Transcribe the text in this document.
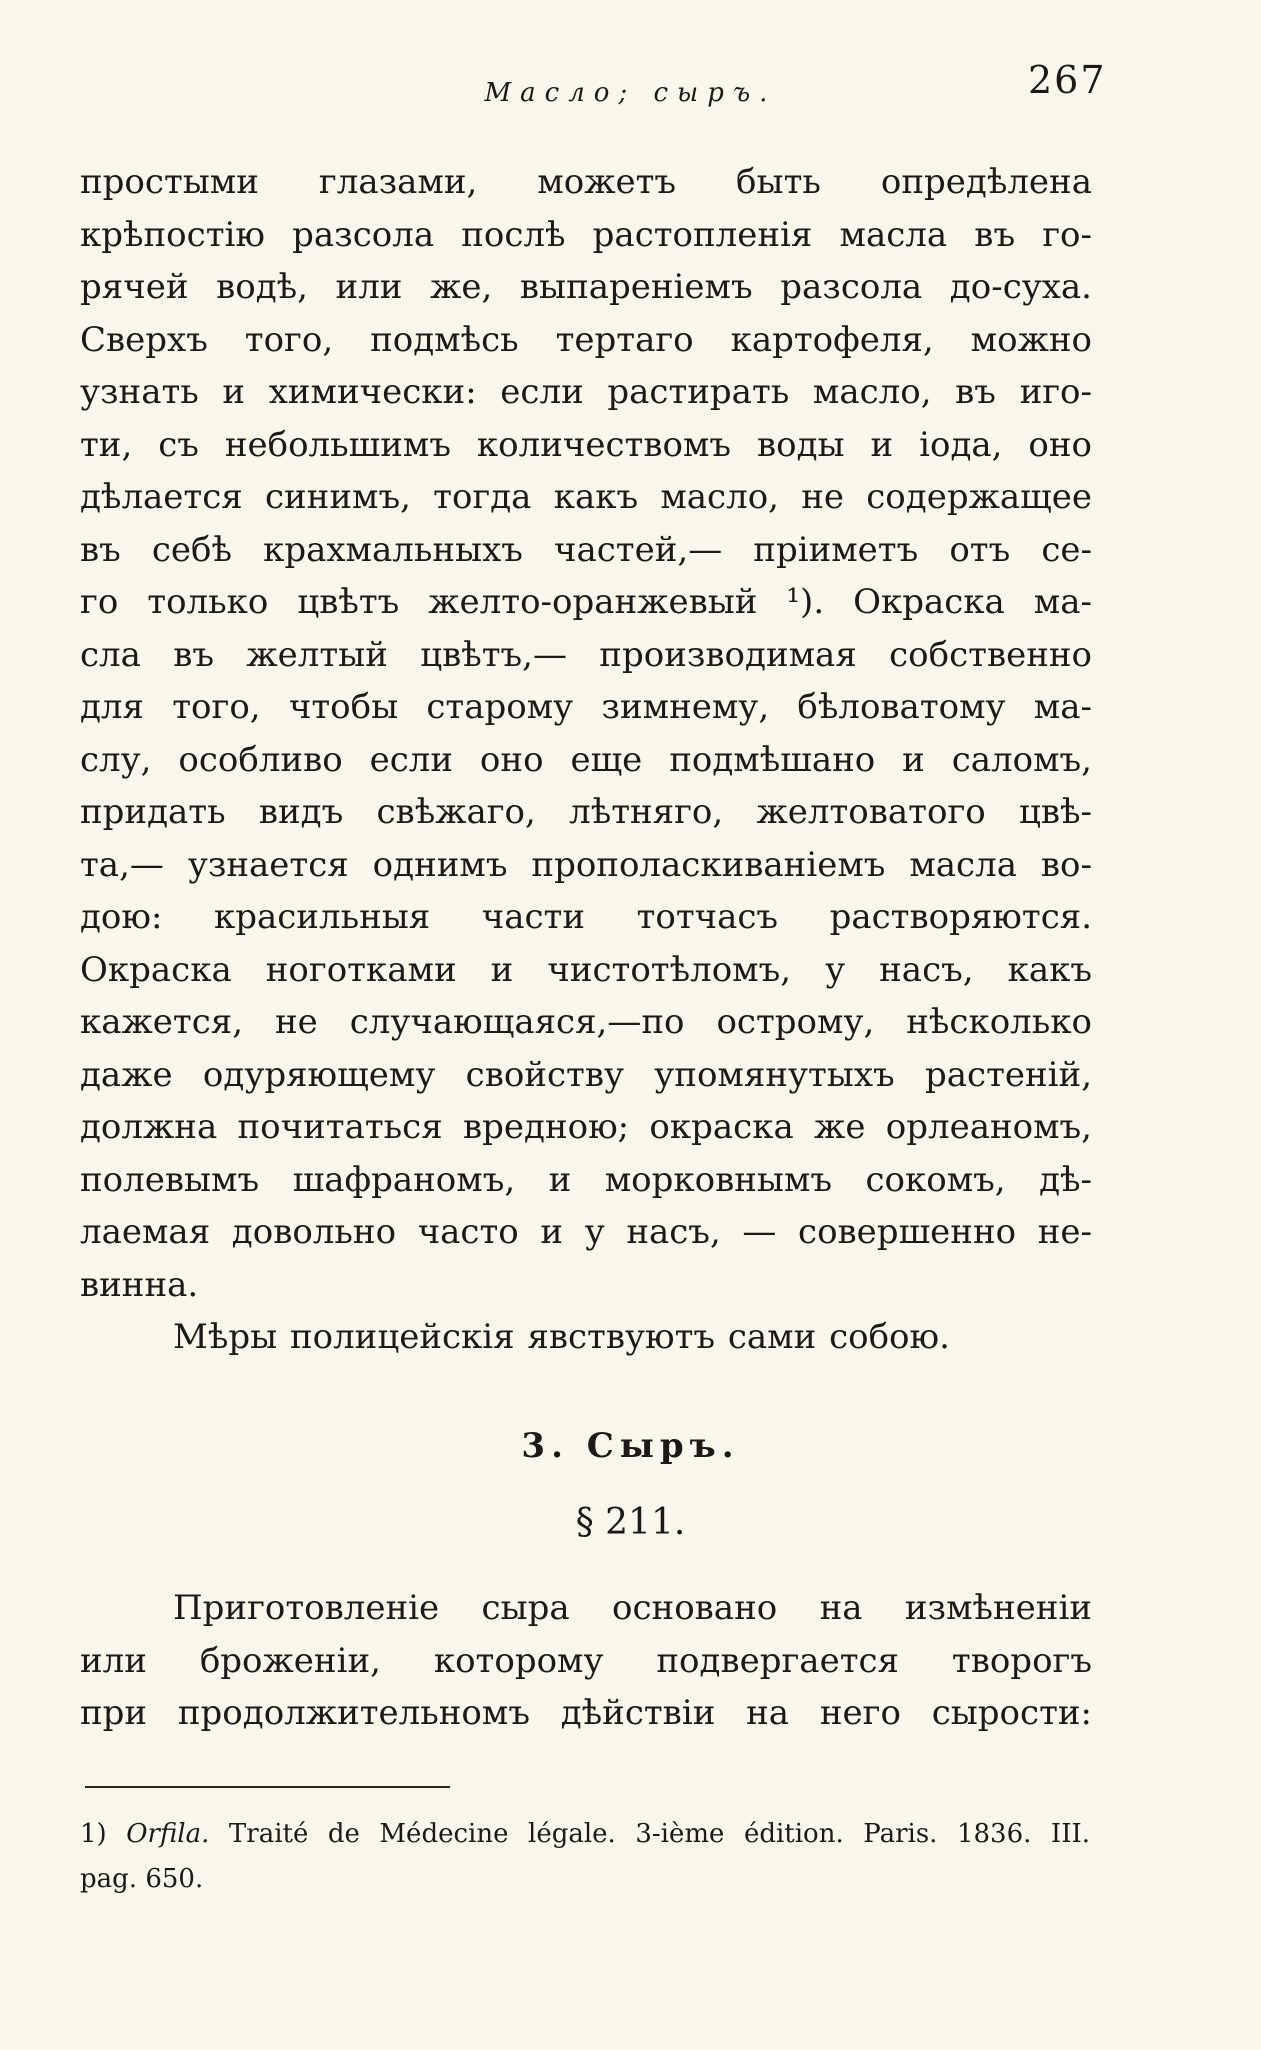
Масло; сыръ.	267
простыми глазами, можетъ быть опредѣлена
крѣпостію разсола послѣ растопленія масла въ го-
рячей водѣ, или же, выпареніемъ разсола до-суха.
Сверхъ того, подмѣсь тертаго картофеля, можно
узнать и химически: если растирать масло, въ иго-
ти, съ небольшимъ количествомъ воды и іода, оно
дѣлается синимъ, тогда какъ масло, не содержащее
въ себѣ крахмальныхъ частей,— пріиметъ отъ се-
го только цвѣтъ желто-оранжевый ¹). Окраска ма-
сла въ желтый цвѣтъ,— производимая собственно
для того, чтобы старому зимнему, бѣловатому ма-
слу, особливо если оно еще подмѣшано и саломъ,
придать видъ свѣжаго, лѣтняго, желтоватого цвѣ-
та,— узнается однимъ прополаскиваніемъ масла во-
дою: красильныя части тотчасъ растворяются.
Окраска ноготками и чистотѣломъ, у насъ, какъ
кажется, не случающаяся,—по острому, нѣсколько
даже одуряющему свойству упомянутыхъ растеній,
должна почитаться вредною; окраска же орлеаномъ,
полевымъ шафраномъ, и морковнымъ сокомъ, дѣ-
лаемая довольно часто и у насъ, — совершенно не-
винна.
Мѣры полицейскія явствуютъ сами собою.
3. Сыръ.
§ 211.
Приготовленіе сыра основано на измѣненіи
или броженіи, которому подвергается творогъ
при продолжительномъ дѣйствіи на него сырости:
1) Orfila. Traité de Médecine légale. 3-ième édition. Paris. 1836. III.
pag. 650.
